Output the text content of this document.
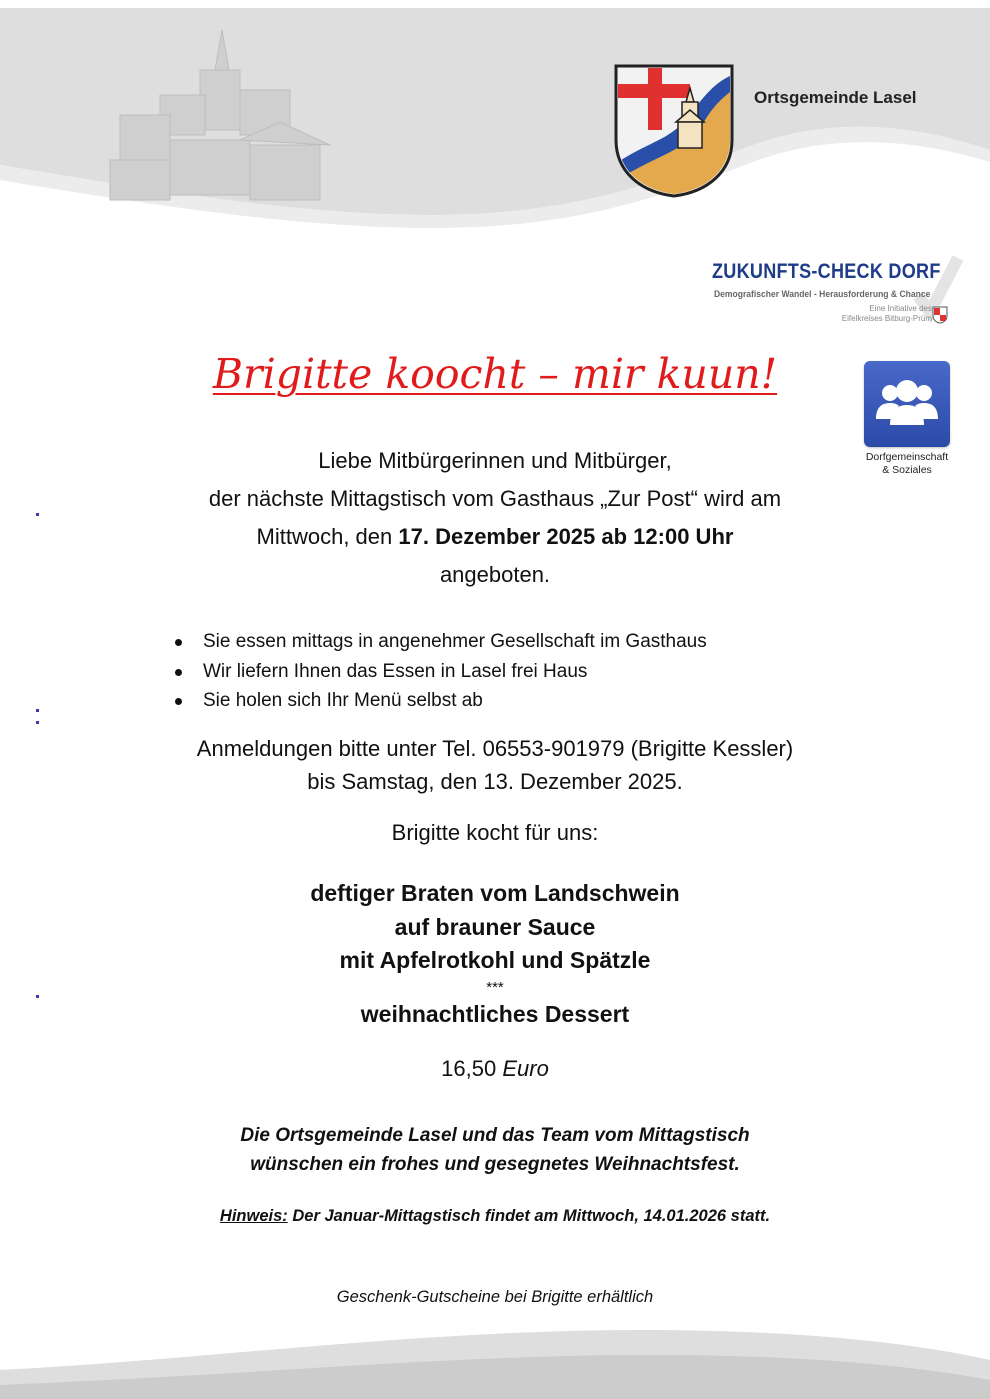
Ortsgemeinde Lasel
ZUKUNFTS-CHECK DORF
Demografischer Wandel - Herausforderung & Chance
Eine Initiative des
Eifelkreises Bitburg-Prüm
Dorfgemeinschaft
& Soziales
Brigitte koocht – mir kuun!
Liebe Mitbürgerinnen und Mitbürger,
der nächste Mittagstisch vom Gasthaus „Zur Post“ wird am
Mittwoch, den 17. Dezember 2025 ab 12:00 Uhr
angeboten.
Sie essen mittags in angenehmer Gesellschaft im Gasthaus
Wir liefern Ihnen das Essen in Lasel frei Haus
Sie holen sich Ihr Menü selbst ab
Anmeldungen bitte unter Tel. 06553-901979 (Brigitte Kessler)
bis Samstag, den 13. Dezember 2025.
Brigitte kocht für uns:
deftiger Braten vom Landschwein
auf brauner Sauce
mit Apfelrotkohl und Spätzle
***
weihnachtliches Dessert
16,50 Euro
Die Ortsgemeinde Lasel und das Team vom Mittagstisch
wünschen ein frohes und gesegnetes Weihnachtsfest.
Hinweis: Der Januar-Mittagstisch findet am Mittwoch, 14.01.2026 statt.
Geschenk-Gutscheine bei Brigitte erhältlich
